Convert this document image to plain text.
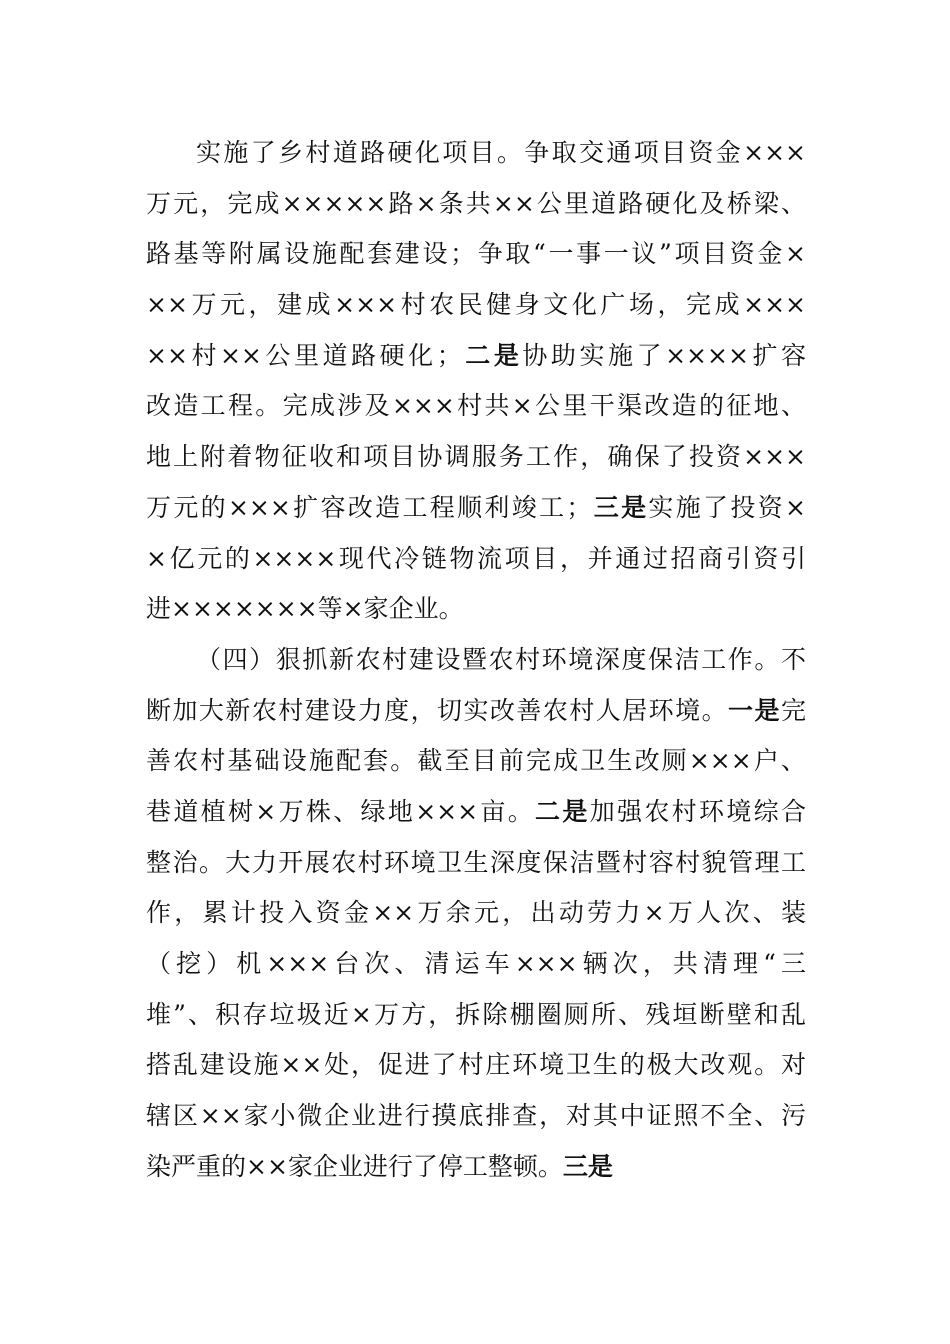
实施了乡村道路硬化项目。争取交通项目资金×××
万元，完成×××××路×条共××公里道路硬化及桥梁、
路基等附属设施配套建设；争取“一事一议”项目资金×
××万元，建成×××村农民健身文化广场，完成×××
××村××公里道路硬化；二是协助实施了××××扩容
改造工程。完成涉及×××村共×公里干渠改造的征地、
地上附着物征收和项目协调服务工作，确保了投资×××
万元的×××扩容改造工程顺利竣工；三是实施了投资×
×亿元的××××现代冷链物流项目，并通过招商引资引
进×××××××等×家企业。
（四）狠抓新农村建设暨农村环境深度保洁工作。不
断加大新农村建设力度，切实改善农村人居环境。一是完
善农村基础设施配套。截至目前完成卫生改厕×××户、
巷道植树×万株、绿地×××亩。二是加强农村环境综合
整治。大力开展农村环境卫生深度保洁暨村容村貌管理工
作，累计投入资金××万余元，出动劳力×万人次、装
（挖）机×××台次、清运车×××辆次，共清理“三
堆”、积存垃圾近×万方，拆除棚圈厕所、残垣断壁和乱
搭乱建设施××处，促进了村庄环境卫生的极大改观。对
辖区××家小微企业进行摸底排查，对其中证照不全、污
染严重的××家企业进行了停工整顿。三是
